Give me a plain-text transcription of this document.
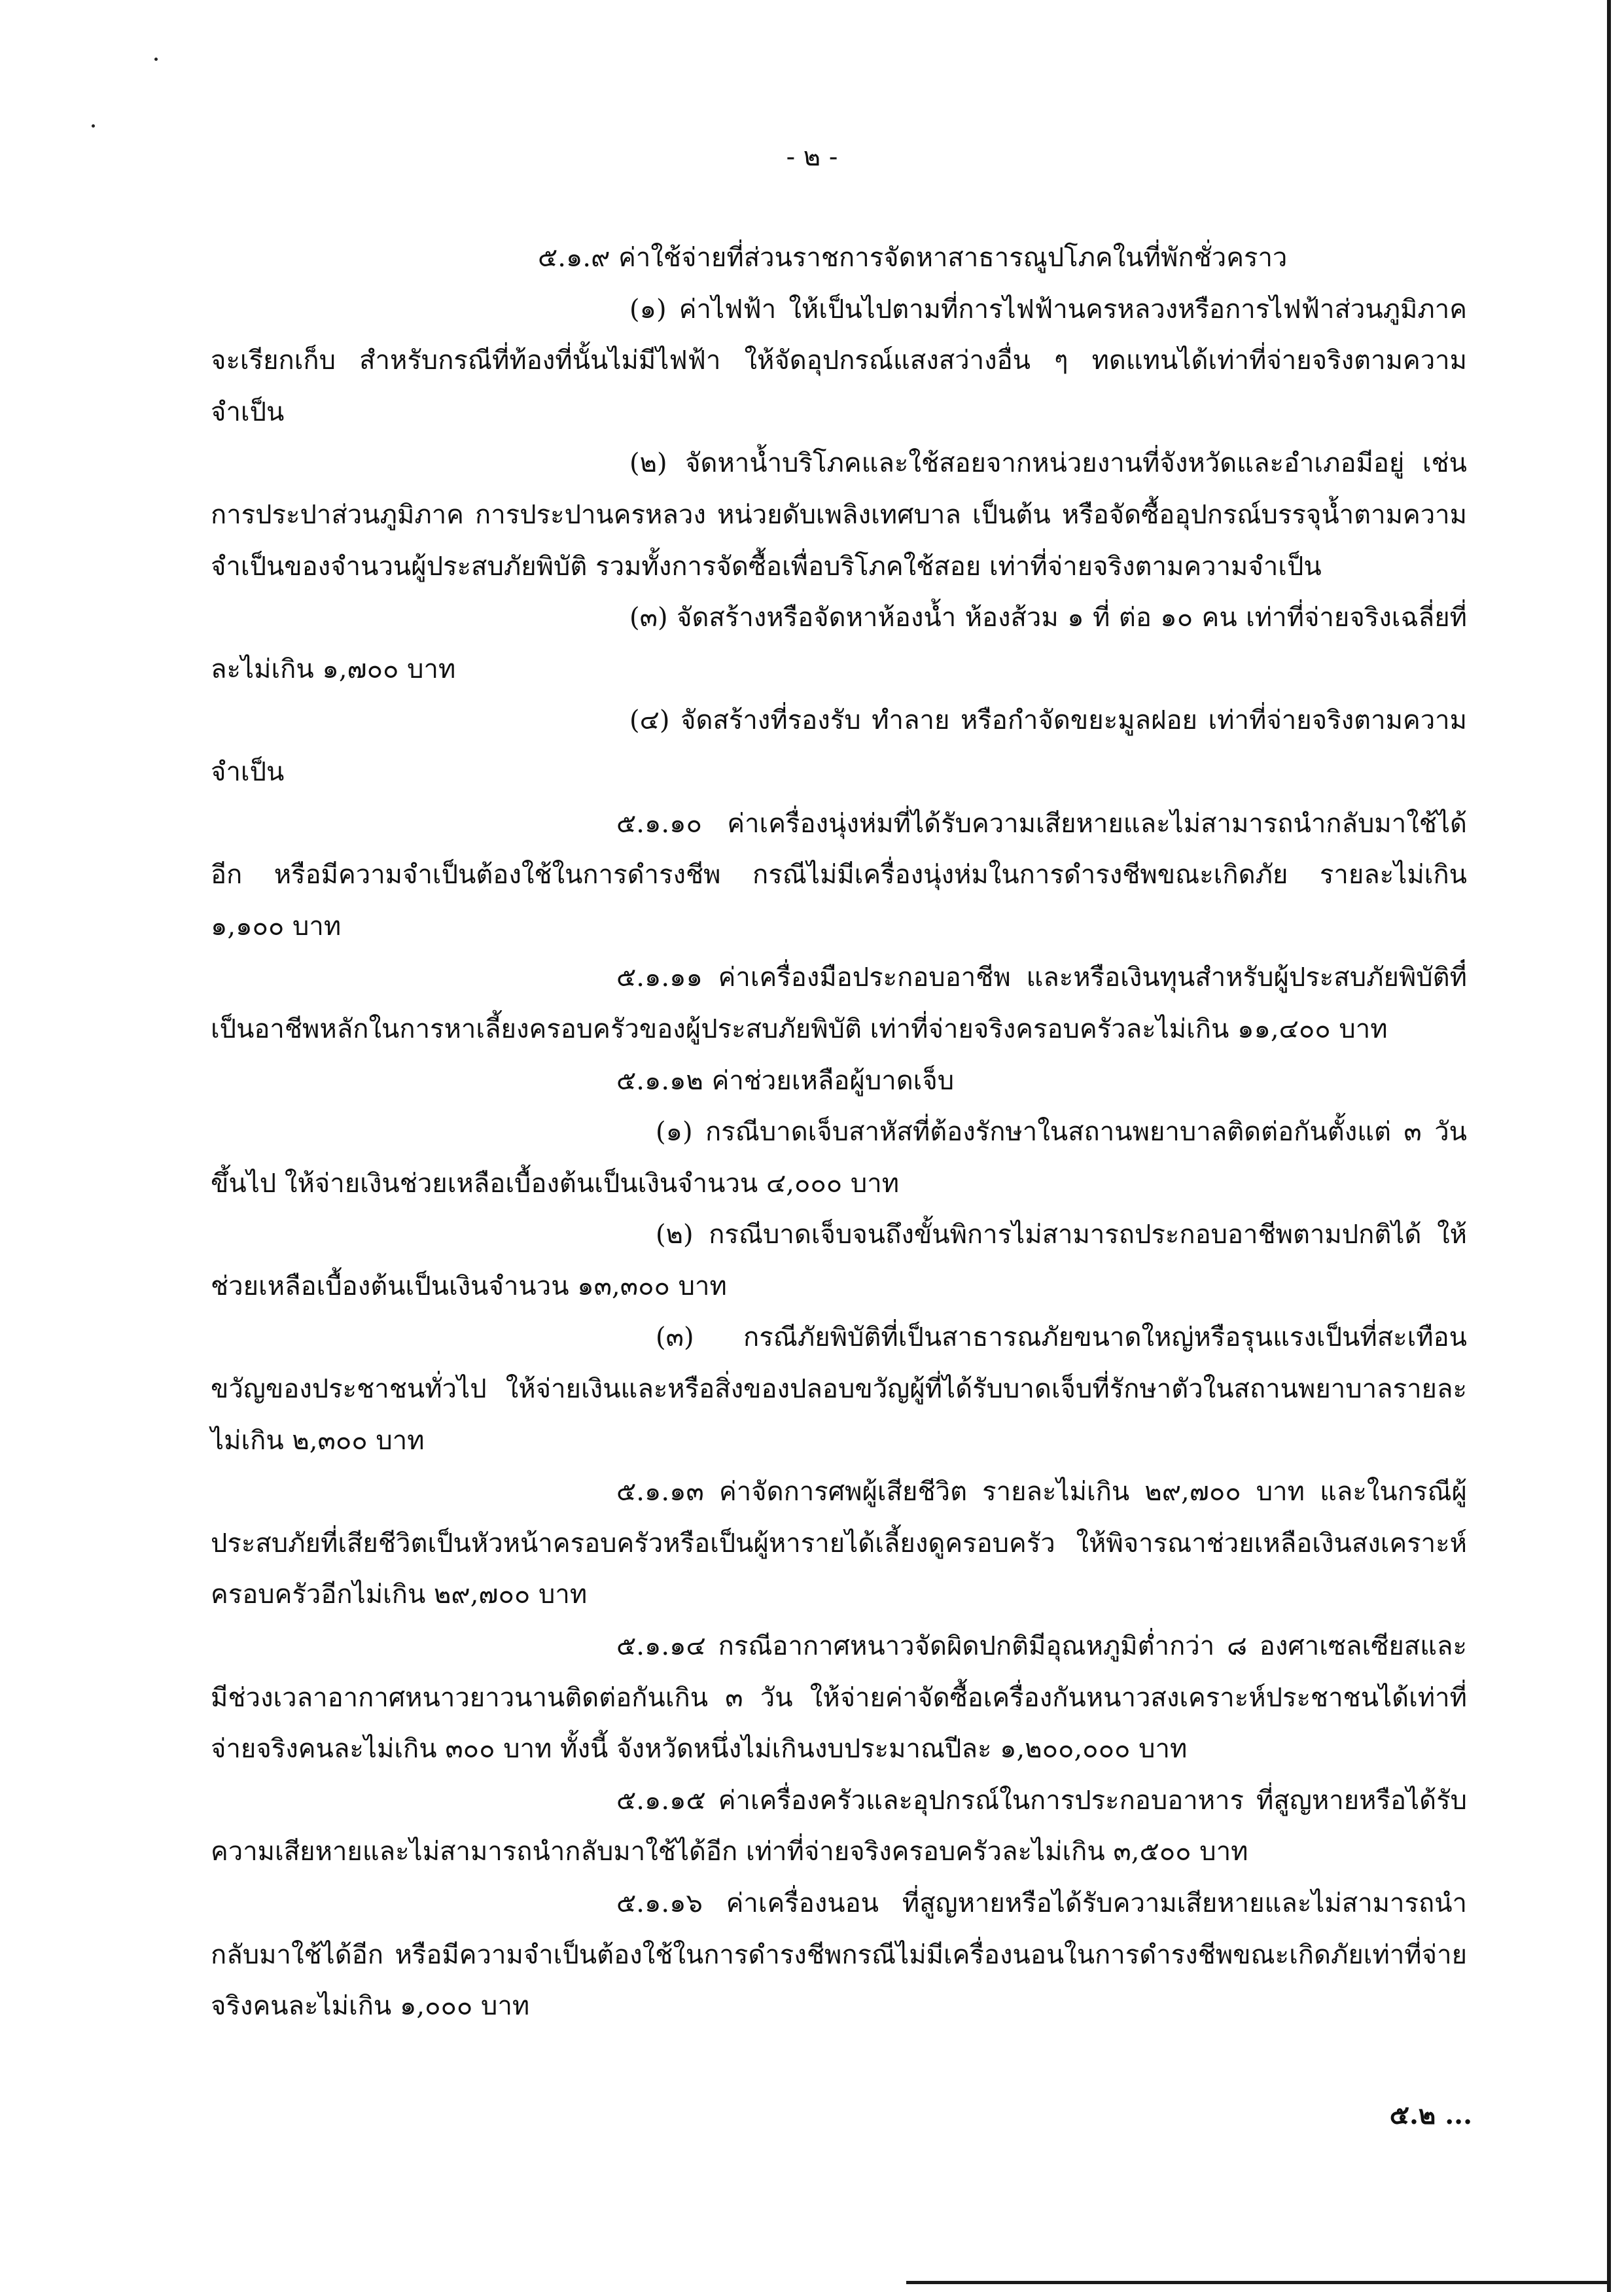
- ๒ -

๕.๑.๙ ค่าใช้จ่ายที่ส่วนราชการจัดหาสาธารณูปโภคในที่พักชั่วคราว

(๑) ค่าไฟฟ้า ให้เป็นไปตามที่การไฟฟ้านครหลวงหรือการไฟฟ้าส่วนภูมิภาคจะเรียกเก็บ สำหรับกรณีที่ท้องที่นั้นไม่มีไฟฟ้า ให้จัดอุปกรณ์แสงสว่างอื่น ๆ ทดแทนได้เท่าที่จ่ายจริงตามความจำเป็น

(๒) จัดหาน้ำบริโภคและใช้สอยจากหน่วยงานที่จังหวัดและอำเภอมีอยู่ เช่น การประปาส่วนภูมิภาค การประปานครหลวง หน่วยดับเพลิงเทศบาล เป็นต้น หรือจัดซื้ออุปกรณ์บรรจุน้ำตามความจำเป็นของจำนวนผู้ประสบภัยพิบัติ รวมทั้งการจัดซื้อเพื่อบริโภคใช้สอย เท่าที่จ่ายจริงตามความจำเป็น

(๓) จัดสร้างหรือจัดหาห้องน้ำ ห้องส้วม ๑ ที่ ต่อ ๑๐ คน เท่าที่จ่ายจริงเฉลี่ยที่ละไม่เกิน ๑,๗๐๐ บาท

(๔) จัดสร้างที่รองรับ ทำลาย หรือกำจัดขยะมูลฝอย เท่าที่จ่ายจริงตามความจำเป็น

๕.๑.๑๐ ค่าเครื่องนุ่งห่มที่ได้รับความเสียหายและไม่สามารถนำกลับมาใช้ได้อีก หรือมีความจำเป็นต้องใช้ในการดำรงชีพ กรณีไม่มีเครื่องนุ่งห่มในการดำรงชีพขณะเกิดภัย รายละไม่เกิน ๑,๑๐๐ บาท

๕.๑.๑๑ ค่าเครื่องมือประกอบอาชีพ และหรือเงินทุนสำหรับผู้ประสบภัยพิบัติที่เป็นอาชีพหลักในการหาเลี้ยงครอบครัวของผู้ประสบภัยพิบัติ เท่าที่จ่ายจริงครอบครัวละไม่เกิน ๑๑,๔๐๐ บาท

๕.๑.๑๒ ค่าช่วยเหลือผู้บาดเจ็บ

(๑) กรณีบาดเจ็บสาหัสที่ต้องรักษาในสถานพยาบาลติดต่อกันตั้งแต่ ๓ วันขึ้นไป ให้จ่ายเงินช่วยเหลือเบื้องต้นเป็นเงินจำนวน ๔,๐๐๐ บาท

(๒) กรณีบาดเจ็บจนถึงขั้นพิการไม่สามารถประกอบอาชีพตามปกติได้ ให้ช่วยเหลือเบื้องต้นเป็นเงินจำนวน ๑๓,๓๐๐ บาท

(๓) กรณีภัยพิบัติที่เป็นสาธารณภัยขนาดใหญ่หรือรุนแรงเป็นที่สะเทือนขวัญของประชาชนทั่วไป ให้จ่ายเงินและหรือสิ่งของปลอบขวัญผู้ที่ได้รับบาดเจ็บที่รักษาตัวในสถานพยาบาลรายละไม่เกิน ๒,๓๐๐ บาท

๕.๑.๑๓ ค่าจัดการศพผู้เสียชีวิต รายละไม่เกิน ๒๙,๗๐๐ บาท และในกรณีผู้ประสบภัยที่เสียชีวิตเป็นหัวหน้าครอบครัวหรือเป็นผู้หารายได้เลี้ยงดูครอบครัว ให้พิจารณาช่วยเหลือเงินสงเคราะห์ครอบครัวอีกไม่เกิน ๒๙,๗๐๐ บาท

๕.๑.๑๔ กรณีอากาศหนาวจัดผิดปกติมีอุณหภูมิต่ำกว่า ๘ องศาเซลเซียสและมีช่วงเวลาอากาศหนาวยาวนานติดต่อกันเกิน ๓ วัน ให้จ่ายค่าจัดซื้อเครื่องกันหนาวสงเคราะห์ประชาชนได้เท่าที่จ่ายจริงคนละไม่เกิน ๓๐๐ บาท ทั้งนี้ จังหวัดหนึ่งไม่เกินงบประมาณปีละ ๑,๒๐๐,๐๐๐ บาท

๕.๑.๑๕ ค่าเครื่องครัวและอุปกรณ์ในการประกอบอาหาร ที่สูญหายหรือได้รับความเสียหายและไม่สามารถนำกลับมาใช้ได้อีก เท่าที่จ่ายจริงครอบครัวละไม่เกิน ๓,๕๐๐ บาท

๕.๑.๑๖ ค่าเครื่องนอน ที่สูญหายหรือได้รับความเสียหายและไม่สามารถนำกลับมาใช้ได้อีก หรือมีความจำเป็นต้องใช้ในการดำรงชีพกรณีไม่มีเครื่องนอนในการดำรงชีพขณะเกิดภัยเท่าที่จ่ายจริงคนละไม่เกิน ๑,๐๐๐ บาท

๕.๒ ...
